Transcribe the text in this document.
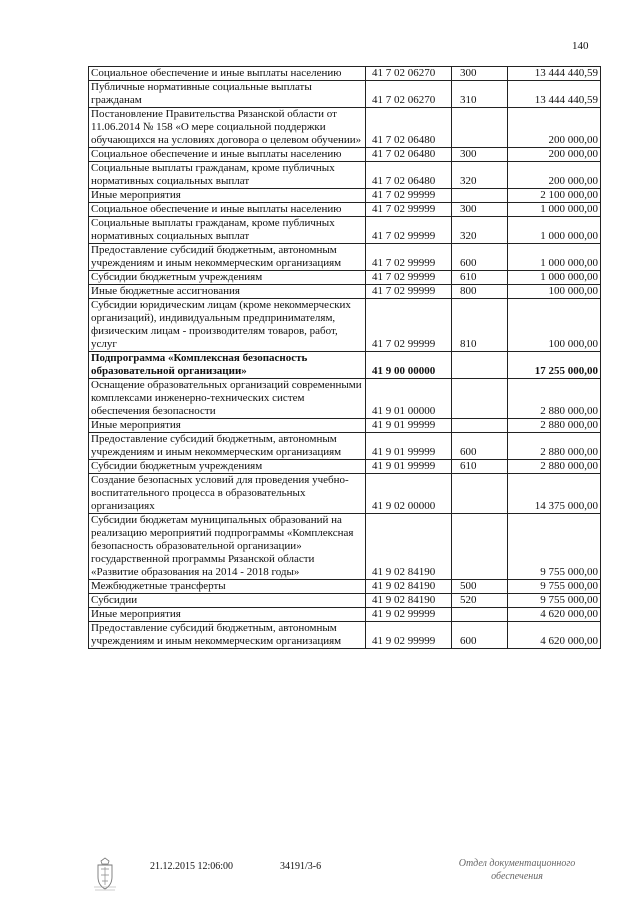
140
Социальное обеспечение и иные выплаты населению	41 7 02 06270	300	13 444 440,59
Публичные нормативные социальные выплаты гражданам	41 7 02 06270	310	13 444 440,59
Постановление Правительства Рязанской области от 11.06.2014 № 158 «О мере социальной поддержки обучающихся на условиях договора о целевом обучении»	41 7 02 06480		200 000,00
Социальное обеспечение и иные выплаты населению	41 7 02 06480	300	200 000,00
Социальные выплаты гражданам, кроме публичных нормативных социальных выплат	41 7 02 06480	320	200 000,00
Иные мероприятия	41 7 02 99999		2 100 000,00
Социальное обеспечение и иные выплаты населению	41 7 02 99999	300	1 000 000,00
Социальные выплаты гражданам, кроме публичных нормативных социальных выплат	41 7 02 99999	320	1 000 000,00
Предоставление субсидий бюджетным, автономным учреждениям и иным некоммерческим организациям	41 7 02 99999	600	1 000 000,00
Субсидии бюджетным учреждениям	41 7 02 99999	610	1 000 000,00
Иные бюджетные ассигнования	41 7 02 99999	800	100 000,00
Субсидии юридическим лицам (кроме некоммерческих организаций), индивидуальным предпринимателям, физическим лицам - производителям товаров, работ, услуг	41 7 02 99999	810	100 000,00
Подпрограмма «Комплексная безопасность образовательной организации»	41 9 00 00000		17 255 000,00
Оснащение образовательных организаций современными комплексами инженерно-технических систем обеспечения безопасности	41 9 01 00000		2 880 000,00
Иные мероприятия	41 9 01 99999		2 880 000,00
Предоставление субсидий бюджетным, автономным учреждениям и иным некоммерческим организациям	41 9 01 99999	600	2 880 000,00
Субсидии бюджетным учреждениям	41 9 01 99999	610	2 880 000,00
Создание безопасных условий для проведения учебно-воспитательного процесса в образовательных организациях	41 9 02 00000		14 375 000,00
Субсидии бюджетам муниципальных образований на реализацию мероприятий подпрограммы «Комплексная безопасность образовательной организации» государственной программы Рязанской области «Развитие образования на 2014 - 2018 годы»	41 9 02 84190		9 755 000,00
Межбюджетные трансферты	41 9 02 84190	500	9 755 000,00
Субсидии	41 9 02 84190	520	9 755 000,00
Иные мероприятия	41 9 02 99999		4 620 000,00
Предоставление субсидий бюджетным, автономным учреждениям и иным некоммерческим организациям	41 9 02 99999	600	4 620 000,00
21.12.2015 12:06:00	34191/3-6	Отдел документационного обеспечения
